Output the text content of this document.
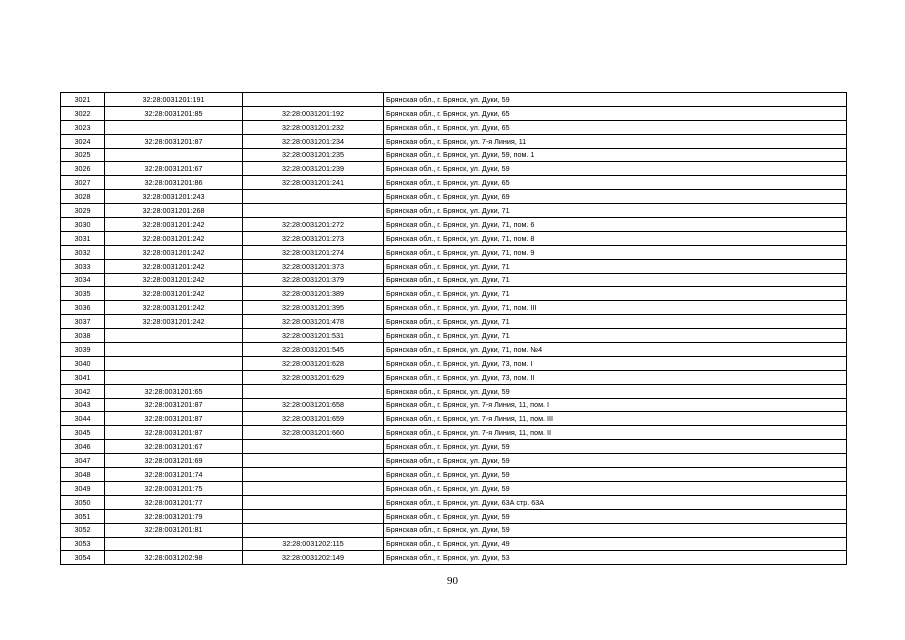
3021	32:28:0031201:191		Брянская обл., г. Брянск, ул. Дуки, 59
3022	32:28:0031201:85	32:28:0031201:192	Брянская обл., г. Брянск, ул. Дуки, 65
3023		32:28:0031201:232	Брянская обл., г. Брянск, ул. Дуки, 65
3024	32:28:0031201:87	32:28:0031201:234	Брянская обл., г. Брянск, ул. 7-я Линия, 11
3025		32:28:0031201:235	Брянская обл., г. Брянск, ул. Дуки, 59, пом. 1
3026	32:28:0031201:67	32:28:0031201:239	Брянская обл., г. Брянск, ул. Дуки, 59
3027	32:28:0031201:86	32:28:0031201:241	Брянская обл., г. Брянск, ул. Дуки, 65
3028	32:28:0031201:243		Брянская обл., г. Брянск, ул. Дуки, 69
3029	32:28:0031201:268		Брянская обл., г. Брянск, ул. Дуки, 71
3030	32:28:0031201:242	32:28:0031201:272	Брянская обл., г. Брянск, ул. Дуки, 71, пом. 6
3031	32:28:0031201:242	32:28:0031201:273	Брянская обл., г. Брянск, ул. Дуки, 71, пом. 8
3032	32:28:0031201:242	32:28:0031201:274	Брянская обл., г. Брянск, ул. Дуки, 71, пом. 9
3033	32:28:0031201:242	32:28:0031201:373	Брянская обл., г. Брянск, ул. Дуки, 71
3034	32:28:0031201:242	32:28:0031201:379	Брянская обл., г. Брянск, ул. Дуки, 71
3035	32:28:0031201:242	32:28:0031201:389	Брянская обл., г. Брянск, ул. Дуки, 71
3036	32:28:0031201:242	32:28:0031201:395	Брянская обл., г. Брянск, ул. Дуки, 71, пом. III
3037	32:28:0031201:242	32:28:0031201:478	Брянская обл., г. Брянск, ул. Дуки, 71
3038		32:28:0031201:531	Брянская обл., г. Брянск, ул. Дуки, 71
3039		32:28:0031201:545	Брянская обл., г. Брянск, ул. Дуки, 71, пом. №4
3040		32:28:0031201:628	Брянская обл., г. Брянск, ул. Дуки, 73, пом. I
3041		32:28:0031201:629	Брянская обл., г. Брянск, ул. Дуки, 73, пом. II
3042	32:28:0031201:65		Брянская обл., г. Брянск, ул. Дуки, 59
3043	32:28:0031201:87	32:28:0031201:658	Брянская обл., г. Брянск, ул. 7-я Линия, 11, пом. I
3044	32:28:0031201:87	32:28:0031201:659	Брянская обл., г. Брянск, ул. 7-я Линия, 11, пом. III
3045	32:28:0031201:87	32:28:0031201:660	Брянская обл., г. Брянск, ул. 7-я Линия, 11, пом. II
3046	32:28:0031201:67		Брянская обл., г. Брянск, ул. Дуки, 59
3047	32:28:0031201:69		Брянская обл., г. Брянск, ул. Дуки, 59
3048	32:28:0031201:74		Брянская обл., г. Брянск, ул. Дуки, 59
3049	32:28:0031201:75		Брянская обл., г. Брянск, ул. Дуки, 59
3050	32:28:0031201:77		Брянская обл., г. Брянск, ул. Дуки, 63А стр. 63А
3051	32:28:0031201:79		Брянская обл., г. Брянск, ул. Дуки, 59
3052	32:28:0031201:81		Брянская обл., г. Брянск, ул. Дуки, 59
3053		32:28:0031202:115	Брянская обл., г. Брянск, ул. Дуки, 49
3054	32:28:0031202:98	32:28:0031202:149	Брянская обл., г. Брянск, ул. Дуки, 53
90
